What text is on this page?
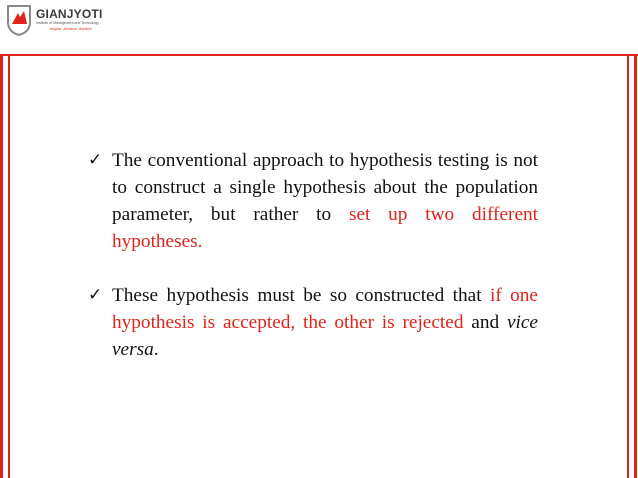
GIANJYOTI
Institute of Management and Technology
Inspire. Achieve. Ascend
✓ The conventional approach to hypothesis testing is not to construct a single hypothesis about the population parameter, but rather to set up two different hypotheses.
✓ These hypothesis must be so constructed that if one hypothesis is accepted, the other is rejected and vice versa.
